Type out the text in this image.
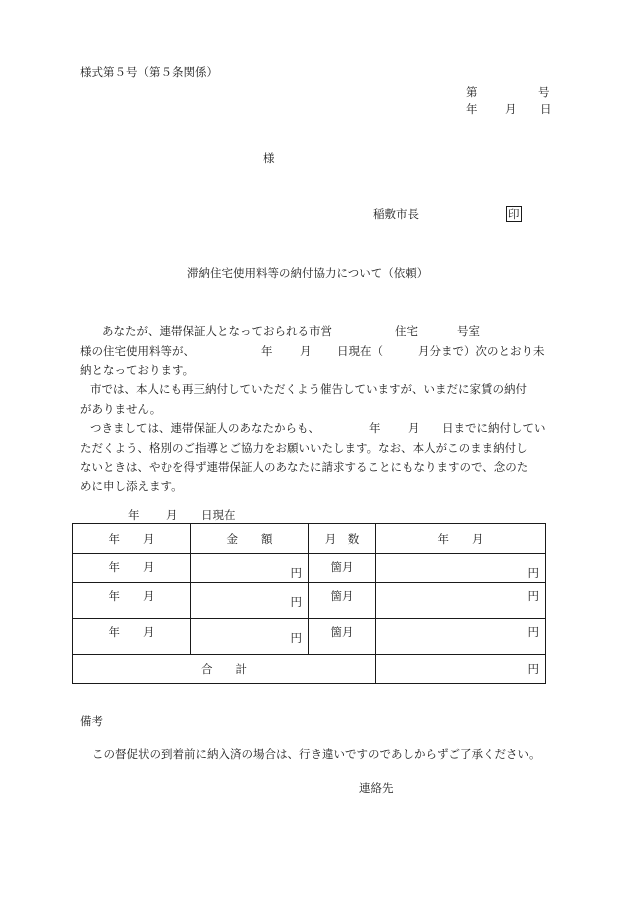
様式第５号（第５条関係）
第	号
年 月 日
様
稲敷市長	印
滞納住宅使用料等の納付協力について（依頼）
あなたが、連帯保証人となっておられる市営	住宅	号室
様の住宅使用料等が、	年 月 日現在（	月分まで）次のとおり未
納となっております。
市では、本人にも再三納付していただくよう催告していますが、いまだに家賃の納付
がありません。
つきましては、連帯保証人のあなたからも、	年 月 日までに納付してい
ただくよう、格別のご指導とご協力をお願いいたします。なお、本人がこのまま納付し
ないときは、やむを得ず連帯保証人のあなたに請求することにもなりますので、念のた
めに申し添えます。
年 月 日現在
年　　月	金　　額	月　数	年　　月
年　　月	円	箇月	円
年　　月	円	箇月	円
年　　月	円	箇月	円
合　　計			円
備考
この督促状の到着前に納入済の場合は、行き違いですのであしからずご了承ください。
連絡先
